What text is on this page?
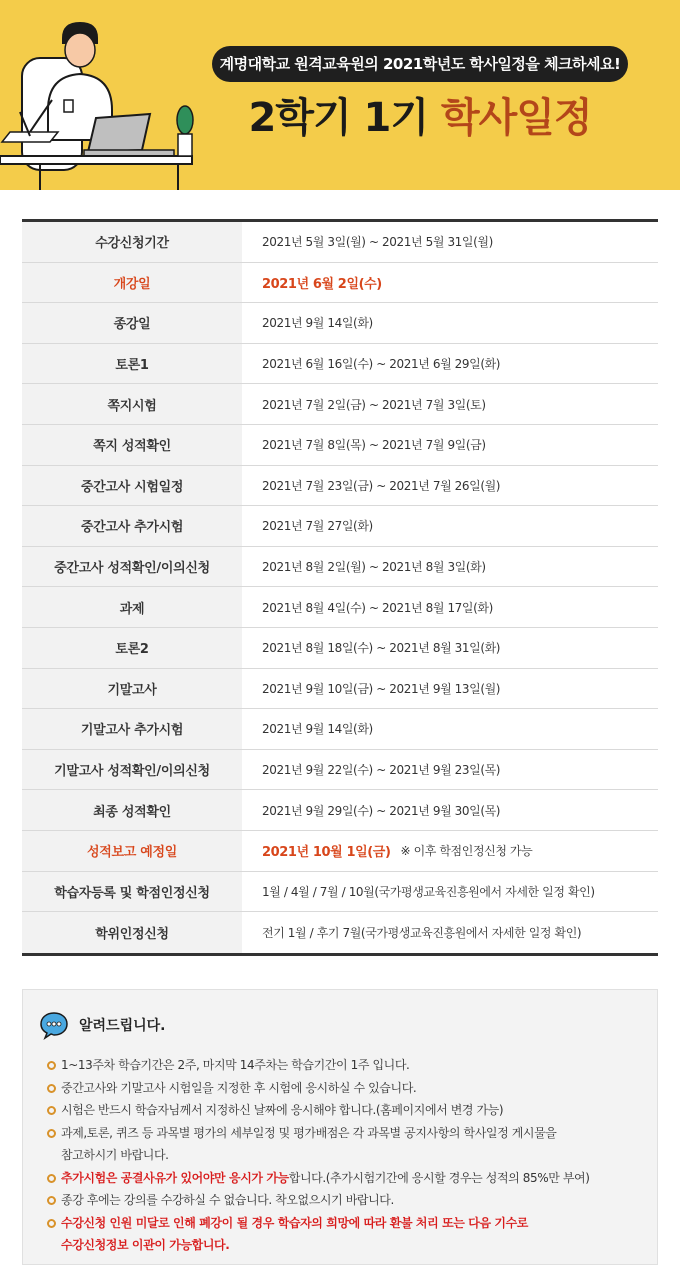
계명대학교 원격교육원의 2021학년도 학사일정을 체크하세요!
2학기 1기 학사일정
수강신청기간	2021년 5월 3일(월) ~ 2021년 5월 31일(월)
개강일	2021년 6월 2일(수)
종강일	2021년 9월 14일(화)
토론1	2021년 6월 16일(수) ~ 2021년 6월 29일(화)
쪽지시험	2021년 7월 2일(금) ~ 2021년 7월 3일(토)
쪽지 성적확인	2021년 7월 8일(목) ~ 2021년 7월 9일(금)
중간고사 시험일정	2021년 7월 23일(금) ~ 2021년 7월 26일(월)
중간고사 추가시험	2021년 7월 27일(화)
중간고사 성적확인/이의신청	2021년 8월 2일(월) ~ 2021년 8월 3일(화)
과제	2021년 8월 4일(수) ~ 2021년 8월 17일(화)
토론2	2021년 8월 18일(수) ~ 2021년 8월 31일(화)
기말고사	2021년 9월 10일(금) ~ 2021년 9월 13일(월)
기말고사 추가시험	2021년 9월 14일(화)
기말고사 성적확인/이의신청	2021년 9월 22일(수) ~ 2021년 9월 23일(목)
최종 성적확인	2021년 9월 29일(수) ~ 2021년 9월 30일(목)
성적보고 예정일	2021년 10월 1일(금) ※ 이후 학점인정신청 가능
학습자등록 및 학점인정신청	1월 / 4월 / 7월 / 10월(국가평생교육진흥원에서 자세한 일정 확인)
학위인정신청	전기 1월 / 후기 7월(국가평생교육진흥원에서 자세한 일정 확인)
알려드립니다.
1~13주차 학습기간은 2주, 마지막 14주차는 학습기간이 1주 입니다.
중간고사와 기말고사 시험일을 지정한 후 시험에 응시하실 수 있습니다.
시험은 반드시 학습자님께서 지정하신 날짜에 응시해야 합니다.(홈페이지에서 변경 가능)
과제,토론, 퀴즈 등 과목별 평가의 세부일정 및 평가배점은 각 과목별 공지사항의 학사일정 게시물을
참고하시기 바랍니다.
추가시험은 공결사유가 있어야만 응시가 가능합니다.(추가시험기간에 응시할 경우는 성적의 85%만 부여)
종강 후에는 강의를 수강하실 수 없습니다. 착오없으시기 바랍니다.
수강신청 인원 미달로 인해 폐강이 될 경우 학습자의 희망에 따라 환불 처리 또는 다음 기수로
수강신청정보 이관이 가능합니다.
